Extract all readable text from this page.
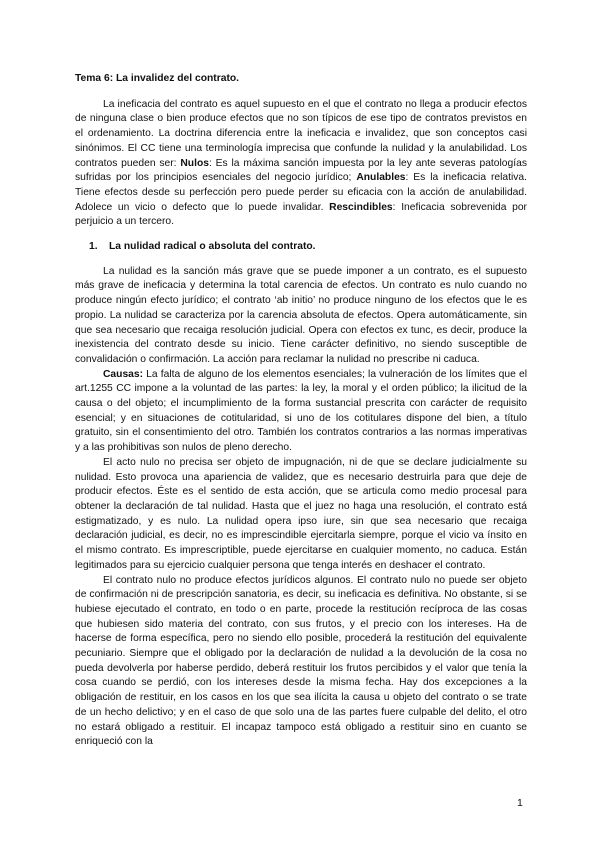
Tema 6: La invalidez del contrato.

La ineficacia del contrato es aquel supuesto en el que el contrato no llega a producir efectos de ninguna clase o bien produce efectos que no son típicos de ese tipo de contratos previstos en el ordenamiento. La doctrina diferencia entre la ineficacia e invalidez, que son conceptos casi sinónimos. El CC tiene una terminología imprecisa que confunde la nulidad y la anulabilidad. Los contratos pueden ser: Nulos: Es la máxima sanción impuesta por la ley ante severas patologías sufridas por los principios esenciales del negocio jurídico; Anulables: Es la ineficacia relativa. Tiene efectos desde su perfección pero puede perder su eficacia con la acción de anulabilidad. Adolece un vicio o defecto que lo puede invalidar. Rescindibles: Ineficacia sobrevenida por perjuicio a un tercero.

1. La nulidad radical o absoluta del contrato.

La nulidad es la sanción más grave que se puede imponer a un contrato, es el supuesto más grave de ineficacia y determina la total carencia de efectos. Un contrato es nulo cuando no produce ningún efecto jurídico; el contrato ‘ab initio’ no produce ninguno de los efectos que le es propio. La nulidad se caracteriza por la carencia absoluta de efectos. Opera automáticamente, sin que sea necesario que recaiga resolución judicial. Opera con efectos ex tunc, es decir, produce la inexistencia del contrato desde su inicio. Tiene carácter definitivo, no siendo susceptible de convalidación o confirmación. La acción para reclamar la nulidad no prescribe ni caduca.

Causas: La falta de alguno de los elementos esenciales; la vulneración de los límites que el art.1255 CC impone a la voluntad de las partes: la ley, la moral y el orden público; la ilicitud de la causa o del objeto; el incumplimiento de la forma sustancial prescrita con carácter de requisito esencial; y en situaciones de cotitularidad, si uno de los cotitulares dispone del bien, a título gratuito, sin el consentimiento del otro. También los contratos contrarios a las normas imperativas y a las prohibitivas son nulos de pleno derecho.

El acto nulo no precisa ser objeto de impugnación, ni de que se declare judicialmente su nulidad. Esto provoca una apariencia de validez, que es necesario destruirla para que deje de producir efectos. Éste es el sentido de esta acción, que se articula como medio procesal para obtener la declaración de tal nulidad. Hasta que el juez no haga una resolución, el contrato está estigmatizado, y es nulo. La nulidad opera ipso iure, sin que sea necesario que recaiga declaración judicial, es decir, no es imprescindible ejercitarla siempre, porque el vicio va ínsito en el mismo contrato. Es imprescriptible, puede ejercitarse en cualquier momento, no caduca. Están legitimados para su ejercicio cualquier persona que tenga interés en deshacer el contrato.

El contrato nulo no produce efectos jurídicos algunos. El contrato nulo no puede ser objeto de confirmación ni de prescripción sanatoria, es decir, su ineficacia es definitiva. No obstante, si se hubiese ejecutado el contrato, en todo o en parte, procede la restitución recíproca de las cosas que hubiesen sido materia del contrato, con sus frutos, y el precio con los intereses. Ha de hacerse de forma específica, pero no siendo ello posible, procederá la restitución del equivalente pecuniario. Siempre que el obligado por la declaración de nulidad a la devolución de la cosa no pueda devolverla por haberse perdido, deberá restituir los frutos percibidos y el valor que tenía la cosa cuando se perdió, con los intereses desde la misma fecha. Hay dos excepciones a la obligación de restituir, en los casos en los que sea ilícita la causa u objeto del contrato o se trate de un hecho delictivo; y en el caso de que solo una de las partes fuere culpable del delito, el otro no estará obligado a restituir. El incapaz tampoco está obligado a restituir sino en cuanto se enriqueció con la

1
